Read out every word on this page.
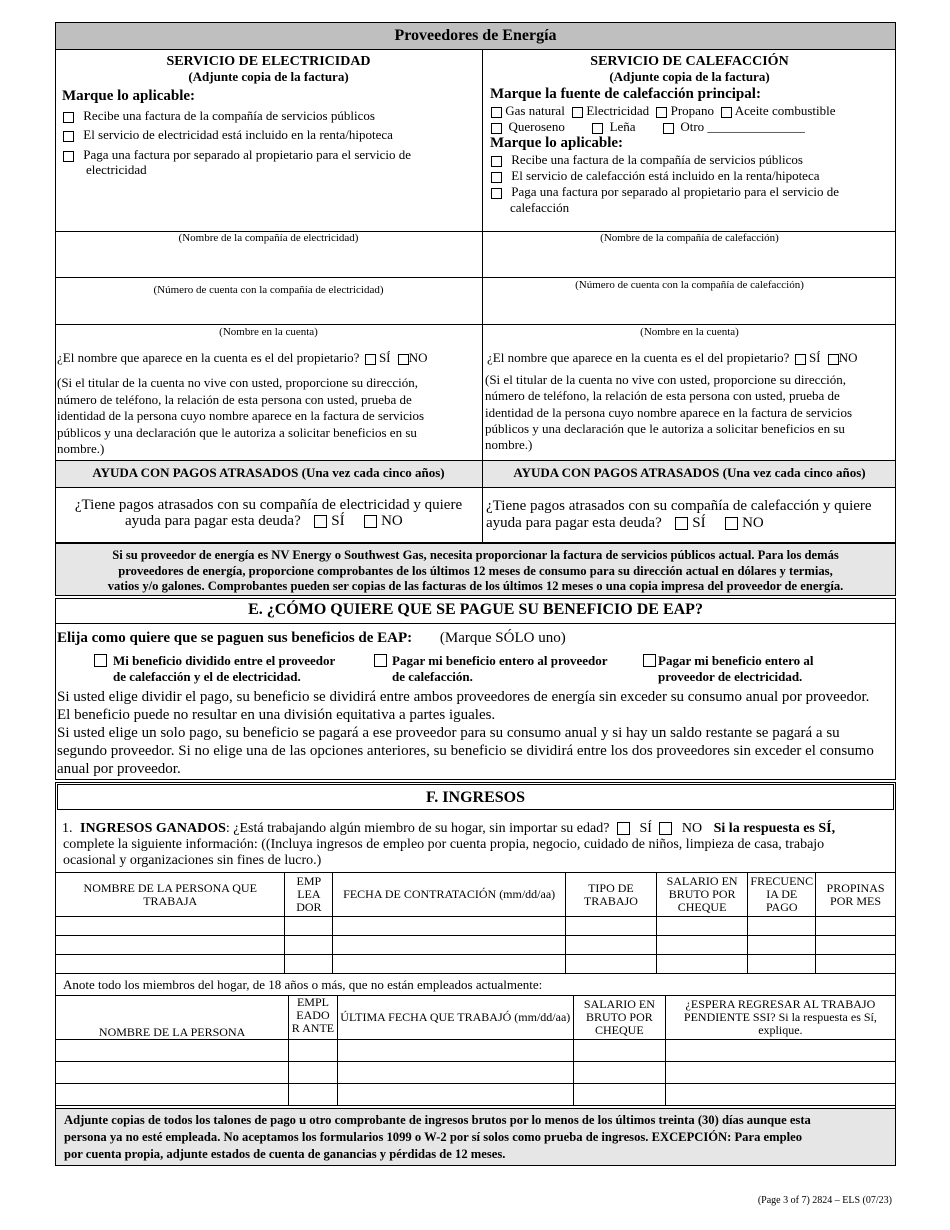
Proveedores de Energía
SERVICIO DE ELECTRICIDAD
(Adjunte copia de la factura)
Marque lo aplicable:
Recibe una factura de la compañía de servicios públicos
El servicio de electricidad está incluido en la renta/hipoteca
Paga una factura por separado al propietario para el servicio de
electricidad
(Nombre de la compañía de electricidad)
(Número de cuenta con la compañía de electricidad)
(Nombre en la cuenta)
¿El nombre que aparece en la cuenta es el del propietario? SÍ NO
(Si el titular de la cuenta no vive con usted, proporcione su dirección,
número de teléfono, la relación de esta persona con usted, prueba de
identidad de la persona cuyo nombre aparece en la factura de servicios
públicos y una declaración que le autoriza a solicitar beneficios en su
nombre.)
AYUDA CON PAGOS ATRASADOS (Una vez cada cinco años)
¿Tiene pagos atrasados con su compañía de electricidad y quiere
ayuda para pagar esta deuda? SÍ NO
SERVICIO DE CALEFACCIÓN
(Adjunte copia de la factura)
Marque la fuente de calefacción principal:
Gas natural Electricidad Propano Aceite combustible
Queroseno	Leña	Otro _______________
Marque lo aplicable:
Recibe una factura de la compañía de servicios públicos
El servicio de calefacción está incluido en la renta/hipoteca
Paga una factura por separado al propietario para el servicio de
calefacción
(Nombre de la compañía de calefacción)
(Número de cuenta con la compañía de calefacción)
(Nombre en la cuenta)
¿El nombre que aparece en la cuenta es el del propietario? SÍ NO
(Si el titular de la cuenta no vive con usted, proporcione su dirección,
número de teléfono, la relación de esta persona con usted, prueba de
identidad de la persona cuyo nombre aparece en la factura de servicios
públicos y una declaración que le autoriza a solicitar beneficios en su
nombre.)
AYUDA CON PAGOS ATRASADOS (Una vez cada cinco años)
¿Tiene pagos atrasados con su compañía de calefacción y quiere
ayuda para pagar esta deuda? SÍ NO
Si su proveedor de energía es NV Energy o Southwest Gas, necesita proporcionar la factura de servicios públicos actual. Para los demás
proveedores de energía, proporcione comprobantes de los últimos 12 meses de consumo para su dirección actual en dólares y termias,
vatios y/o galones. Comprobantes pueden ser copias de las facturas de los últimos 12 meses o una copia impresa del proveedor de energía.
E. ¿CÓMO QUIERE QUE SE PAGUE SU BENEFICIO DE EAP?
Elija como quiere que se paguen sus beneficios de EAP: (Marque SÓLO uno)
Mi beneficio dividido entre el proveedor
de calefacción y el de electricidad.
Pagar mi beneficio entero al proveedor
de calefacción.
Pagar mi beneficio entero al
proveedor de electricidad.
Si usted elige dividir el pago, su beneficio se dividirá entre ambos proveedores de energía sin exceder su consumo anual por proveedor.
El beneficio puede no resultar en una división equitativa a partes iguales.
Si usted elige un solo pago, su beneficio se pagará a ese proveedor para su consumo anual y si hay un saldo restante se pagará a su
segundo proveedor. Si no elige una de las opciones anteriores, su beneficio se dividirá entre los dos proveedores sin exceder el consumo
anual por proveedor.
F. INGRESOS
1. INGRESOS GANADOS: ¿Está trabajando algún miembro de su hogar, sin importar su edad? SÍ NO Si la respuesta es SÍ,
complete la siguiente información: ((Incluya ingresos de empleo por cuenta propia, negocio, cuidado de niños, limpieza de casa, trabajo
ocasional y organizaciones sin fines de lucro.)
NOMBRE DE LA PERSONA QUE TRABAJA	EMP LEA DOR	FECHA DE CONTRATACIÓN (mm/dd/aa)	TIPO DE TRABAJO	SALARIO EN BRUTO POR CHEQUE	FRECUENC IA DE PAGO	PROPINAS POR MES

Anote todo los miembros del hogar, de 18 años o más, que no están empleados actualmente:
NOMBRE DE LA PERSONA	EMPL EADO R ANTE	ÚLTIMA FECHA QUE TRABAJÓ (mm/dd/aa)	SALARIO EN BRUTO POR CHEQUE	¿ESPERA REGRESAR AL TRABAJO PENDIENTE SSI? Si la respuesta es Sí, explique.

Adjunte copias de todos los talones de pago u otro comprobante de ingresos brutos por lo menos de los últimos treinta (30) días aunque esta
persona ya no esté empleada. No aceptamos los formularios 1099 o W-2 por sí solos como prueba de ingresos. EXCEPCIÓN: Para empleo
por cuenta propia, adjunte estados de cuenta de ganancias y pérdidas de 12 meses.
(Page 3 of 7) 2824 – ELS (07/23)
